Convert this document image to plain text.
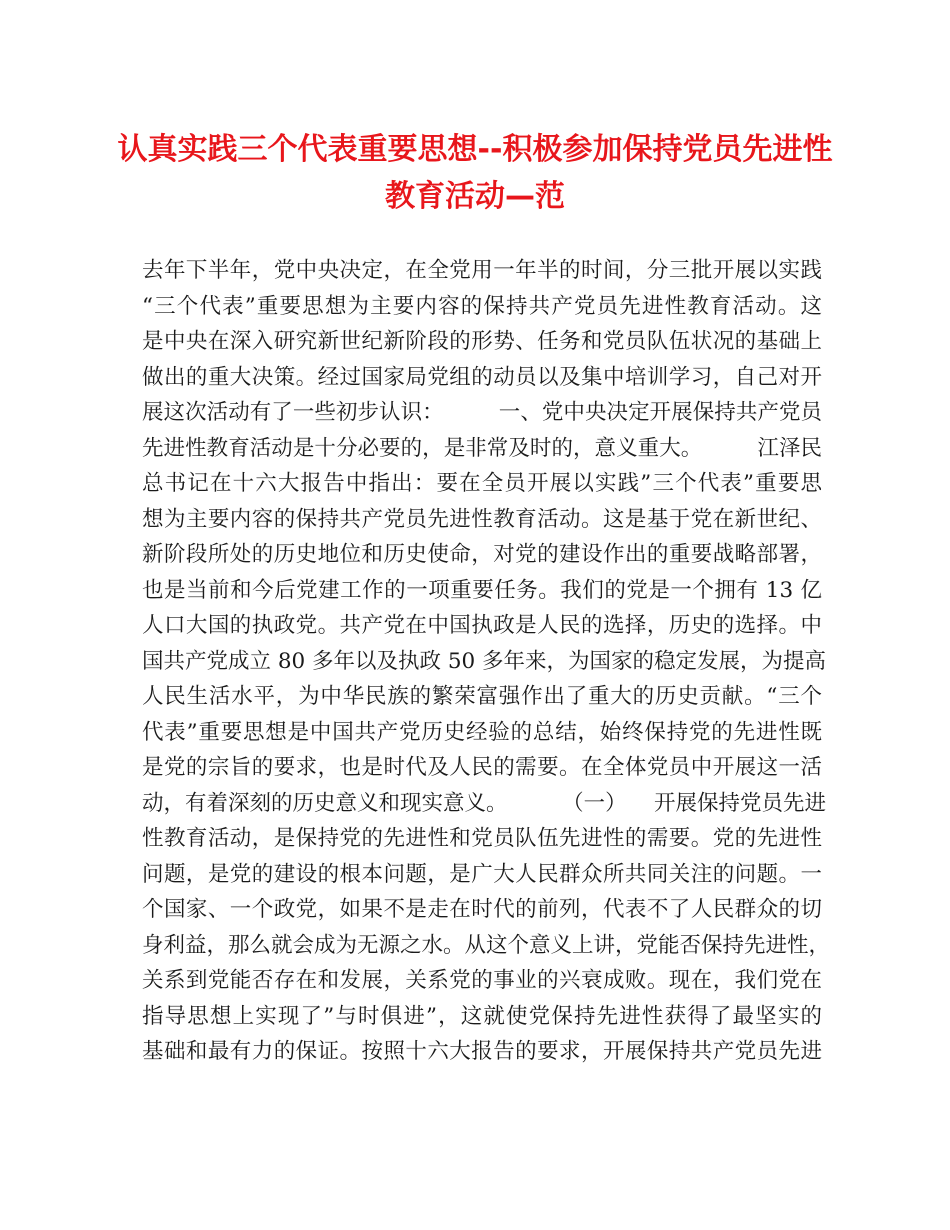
认真实践三个代表重要思想--积极参加保持党员先进性
教育活动—范
去年下半年，党中央决定，在全党用一年半的时间，分三批开展以实践
“三个代表”重要思想为主要内容的保持共产党员先进性教育活动。这
是中央在深入研究新世纪新阶段的形势、任务和党员队伍状况的基础上
做出的重大决策。经过国家局党组的动员以及集中培训学习，自己对开
展这次活动有了一些初步认识：        一、党中央决定开展保持共产党员
先进性教育活动是十分必要的，是非常及时的，意义重大。        江泽民
总书记在十六大报告中指出：要在全员开展以实践”三个代表”重要思
想为主要内容的保持共产党员先进性教育活动。这是基于党在新世纪、
新阶段所处的历史地位和历史使命，对党的建设作出的重要战略部署，
也是当前和今后党建工作的一项重要任务。我们的党是一个拥有 13 亿
人口大国的执政党。共产党在中国执政是人民的选择，历史的选择。中
国共产党成立 80 多年以及执政 50 多年来，为国家的稳定发展，为提高
人民生活水平，为中华民族的繁荣富强作出了重大的历史贡献。“三个
代表”重要思想是中国共产党历史经验的总结，始终保持党的先进性既
是党的宗旨的要求，也是时代及人民的需要。在全体党员中开展这一活
动，有着深刻的历史意义和现实意义。        （一）    开展保持党员先进
性教育活动，是保持党的先进性和党员队伍先进性的需要。党的先进性
问题，是党的建设的根本问题，是广大人民群众所共同关注的问题。一
个国家、一个政党，如果不是走在时代的前列，代表不了人民群众的切
身利益，那么就会成为无源之水。从这个意义上讲，党能否保持先进性，
关系到党能否存在和发展，关系党的事业的兴衰成败。现在，我们党在
指导思想上实现了”与时俱进”，这就使党保持先进性获得了最坚实的
基础和最有力的保证。按照十六大报告的要求，开展保持共产党员先进
